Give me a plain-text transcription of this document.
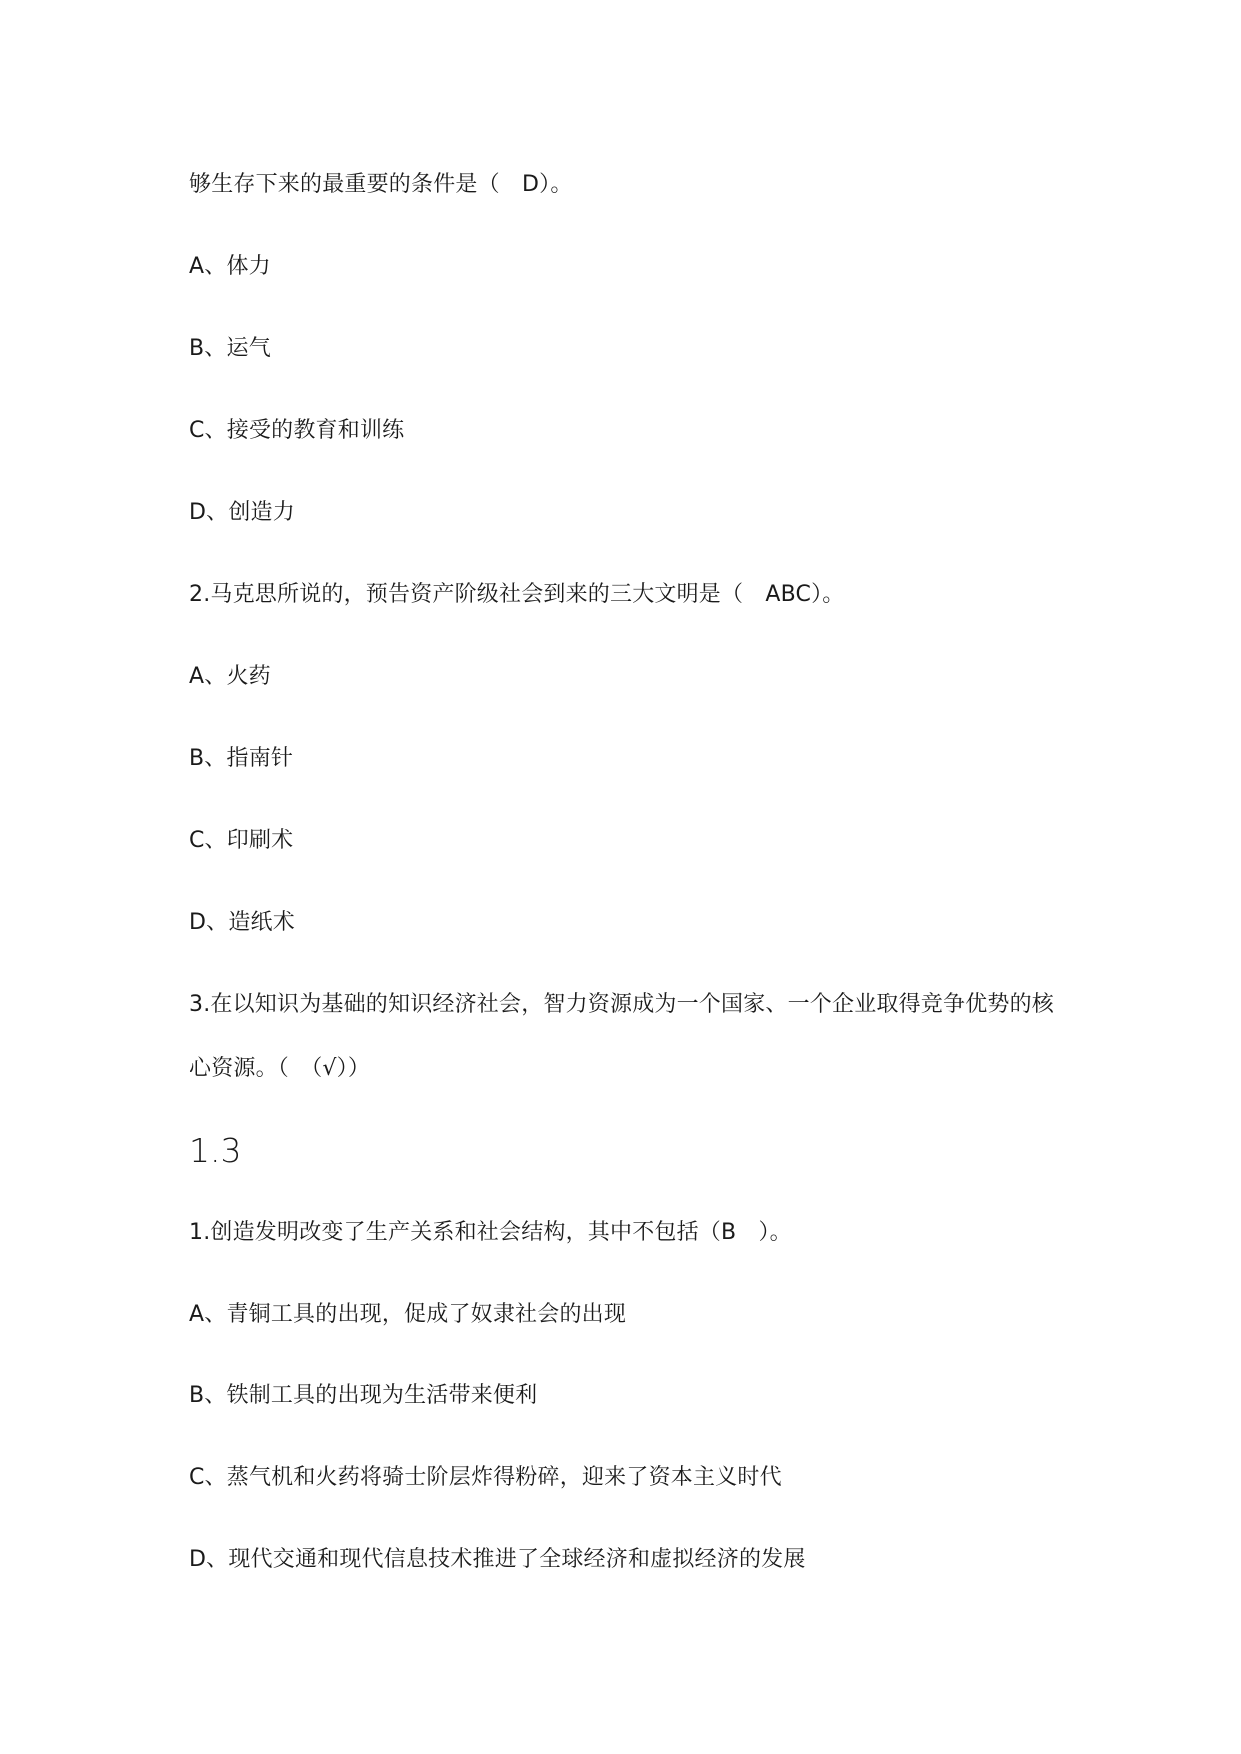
够生存下来的最重要的条件是（　D）。
A、体力
B、运气
C、接受的教育和训练
D、创造力
2.马克思所说的，预告资产阶级社会到来的三大文明是（　ABC）。
A、火药
B、指南针
C、印刷术
D、造纸术
3.在以知识为基础的知识经济社会，智力资源成为一个国家、一个企业取得竞争优势的核
心资源。（　（√））
1.3
1.创造发明改变了生产关系和社会结构，其中不包括（B　）。
A、青铜工具的出现，促成了奴隶社会的出现
B、铁制工具的出现为生活带来便利
C、蒸气机和火药将骑士阶层炸得粉碎，迎来了资本主义时代
D、现代交通和现代信息技术推进了全球经济和虚拟经济的发展
